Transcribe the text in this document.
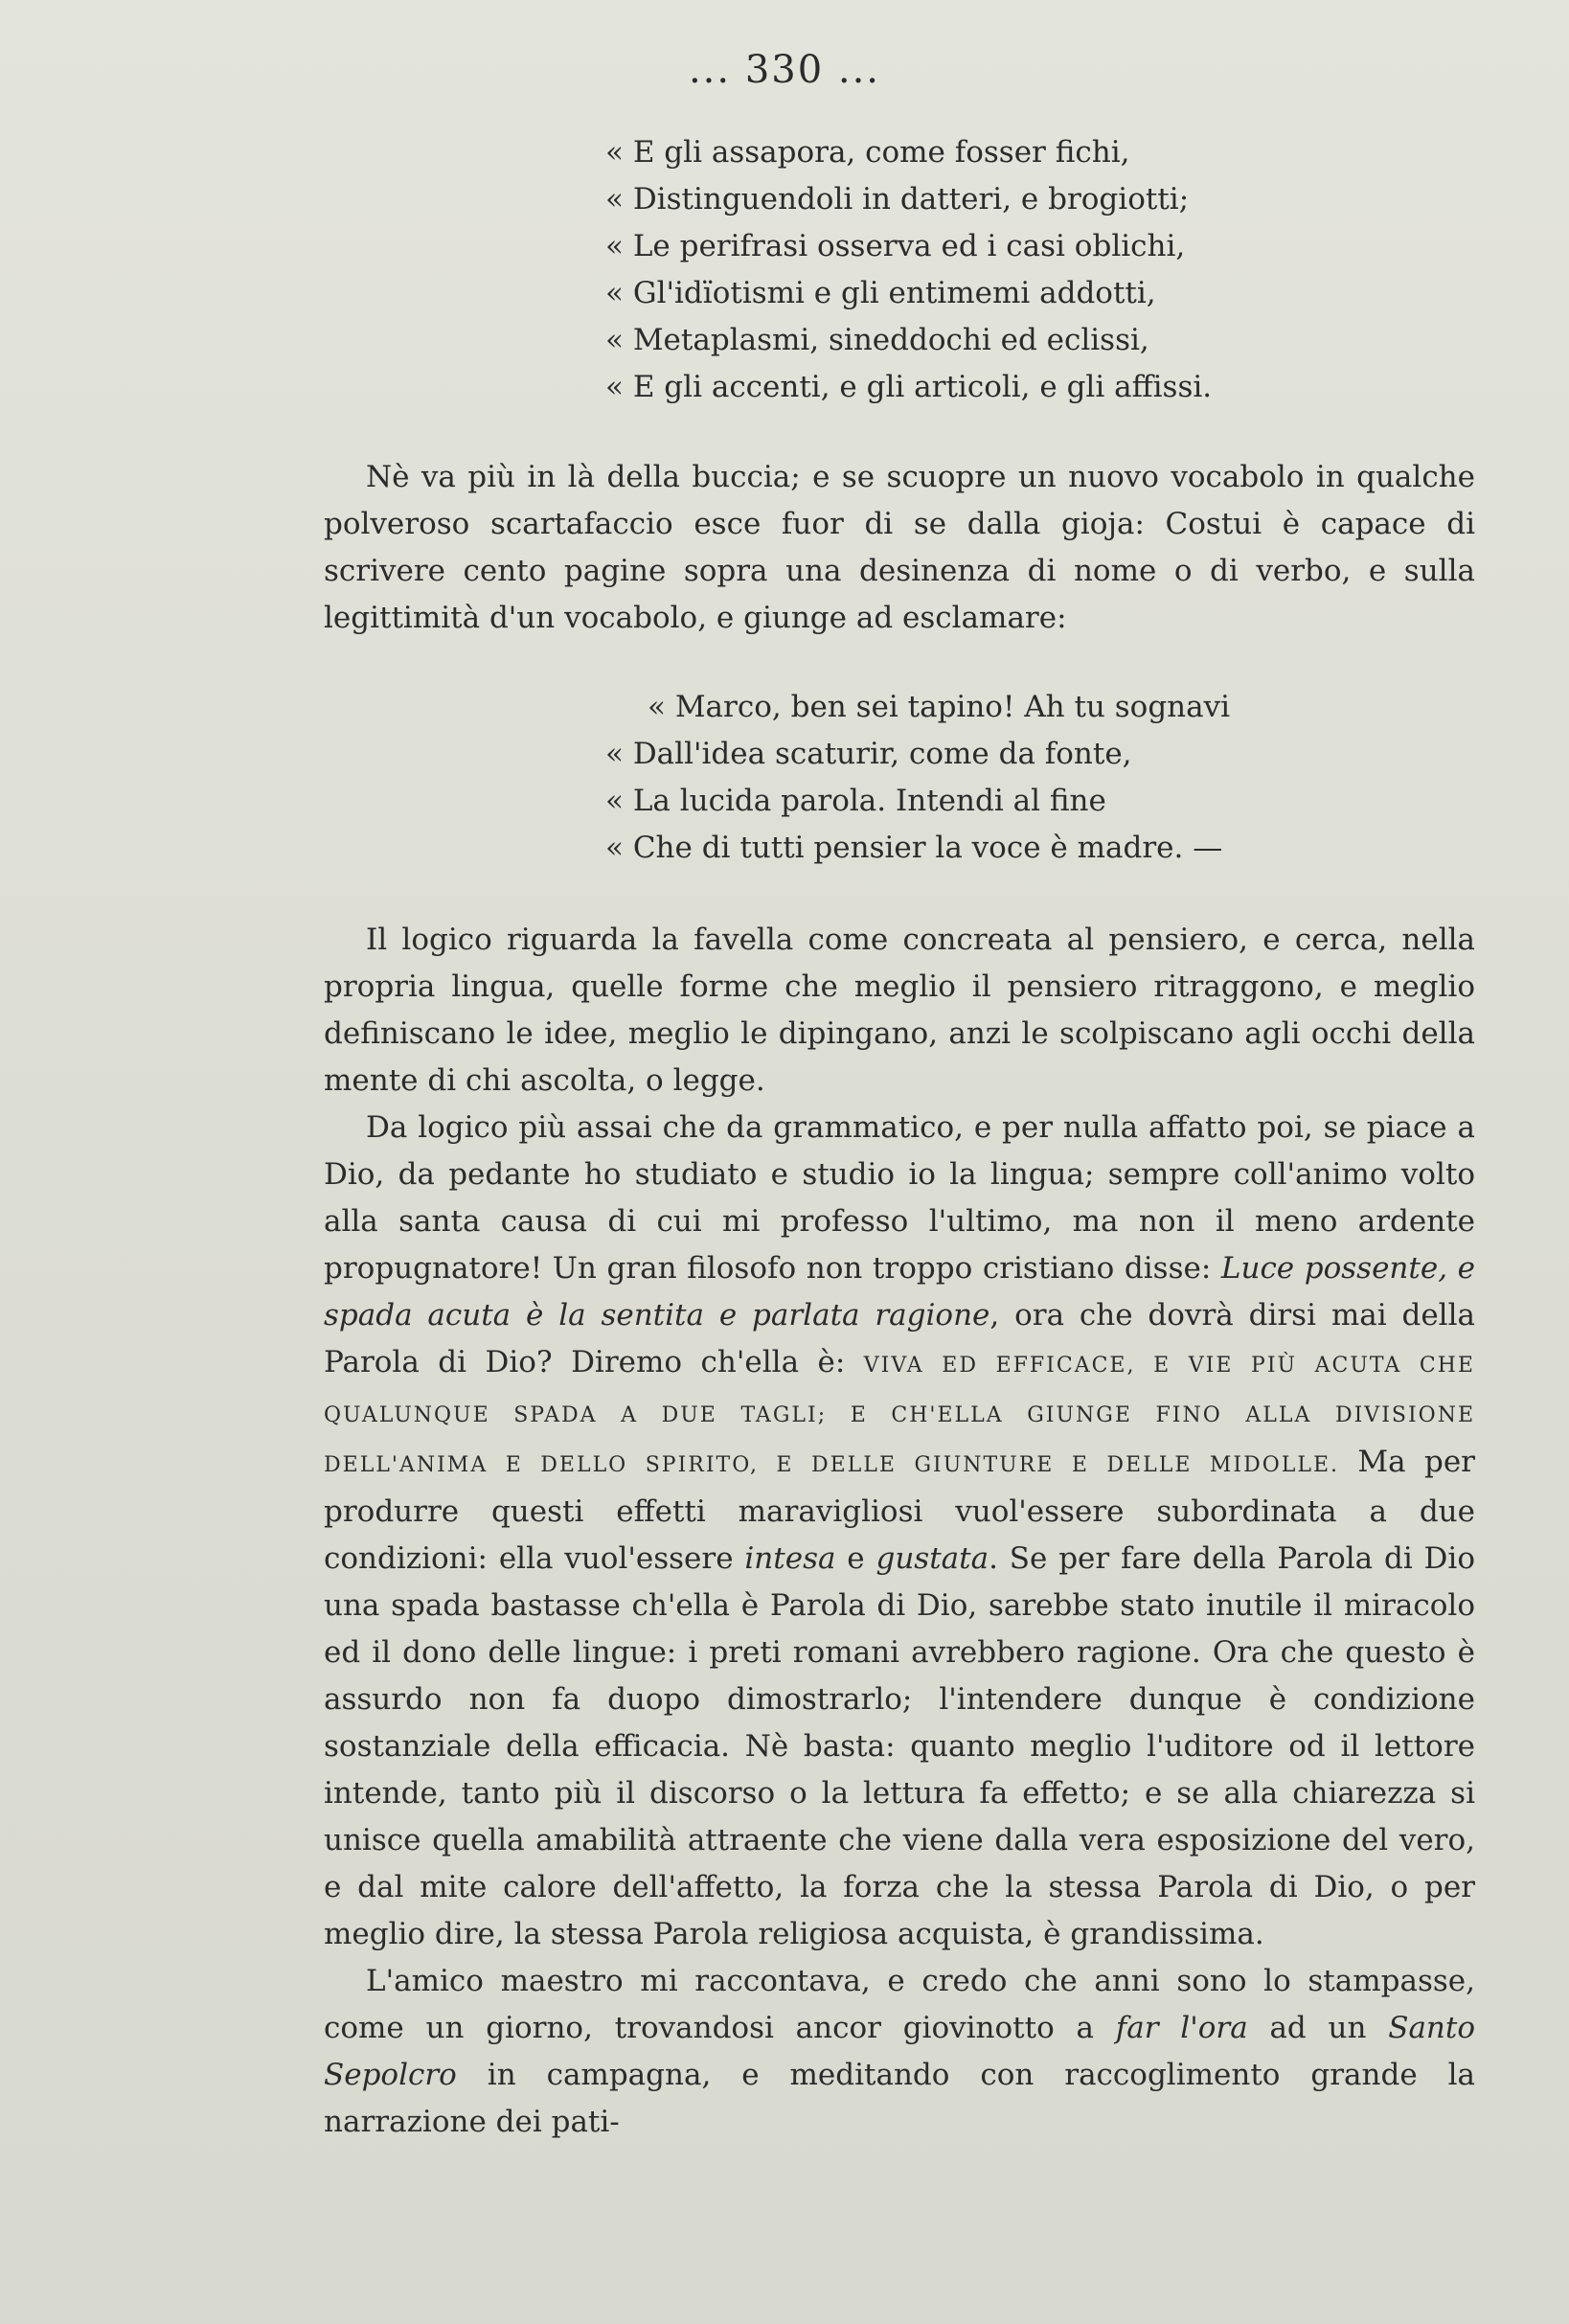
... 330 ...
« E gli assapora, come fosser fichi,
« Distinguendoli in datteri, e brogiotti;
« Le perifrasi osserva ed i casi oblichi,
« Gl'idïotismi e gli entimemi addotti,
« Metaplasmi, sineddochi ed eclissi,
« E gli accenti, e gli articoli, e gli affissi.

Nè va più in là della buccia; e se scuopre un nuovo vocabolo in qualche polveroso scartafaccio esce fuor di se dalla gioja: Costui è capace di scrivere cento pagine sopra una desinenza di nome o di verbo, e sulla legittimità d'un vocabolo, e giunge ad esclamare:

« Marco, ben sei tapino! Ah tu sognavi
« Dall'idea scaturir, come da fonte,
« La lucida parola. Intendi al fine
« Che di tutti pensier la voce è madre. —

Il logico riguarda la favella come concreata al pensiero, e cerca, nella propria lingua, quelle forme che meglio il pensiero ritraggono, e meglio definiscano le idee, meglio le dipingano, anzi le scolpiscano agli occhi della mente di chi ascolta, o legge.

Da logico più assai che da grammatico, e per nulla affatto poi, se piace a Dio, da pedante ho studiato e studio io la lingua; sempre coll'animo volto alla santa causa di cui mi professo l'ultimo, ma non il meno ardente propugnatore! Un gran filosofo non troppo cristiano disse: Luce possente, e spada acuta è la sentita e parlata ragione, ora che dovrà dirsi mai della Parola di Dio? Diremo ch'ella è: VIVA ED EFFICACE, E VIE PIÙ ACUTA CHE QUALUNQUE SPADA A DUE TAGLI; E CH'ELLA GIUNGE FINO ALLA DIVISIONE DELL'ANIMA E DELLO SPIRITO, E DELLE GIUNTURE E DELLE MIDOLLE. Ma per produrre questi effetti maravigliosi vuol'essere subordinata a due condizioni: ella vuol'essere intesa e gustata. Se per fare della Parola di Dio una spada bastasse ch'ella è Parola di Dio, sarebbe stato inutile il miracolo ed il dono delle lingue: i preti romani avrebbero ragione. Ora che questo è assurdo non fa duopo dimostrarlo; l'intendere dunque è condizione sostanziale della efficacia. Nè basta: quanto meglio l'uditore od il lettore intende, tanto più il discorso o la lettura fa effetto; e se alla chiarezza si unisce quella amabilità attraente che viene dalla vera esposizione del vero, e dal mite calore dell'affetto, la forza che la stessa Parola di Dio, o per meglio dire, la stessa Parola religiosa acquista, è grandissima.

L'amico maestro mi raccontava, e credo che anni sono lo stampasse, come un giorno, trovandosi ancor giovinotto a far l'ora ad un Santo Sepolcro in campagna, e meditando con raccoglimento grande la narrazione dei pati-
